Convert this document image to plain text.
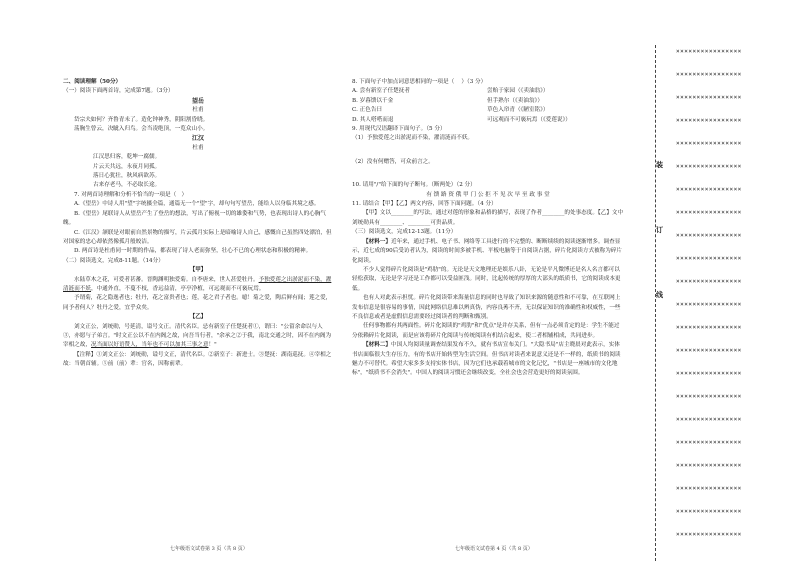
二、阅读理解（50分）

（一）阅读下面两首诗，完成第7题。（3分）

望岳

杜甫

岱宗夫如何？齐鲁青未了。造化钟神秀，阴阳割昏晓。

荡胸生曾云，决眦入归鸟。会当凌绝顶，一览众山小。

江汉

杜甫

江汉思归客，乾坤一腐儒。

片云天共远，永夜月同孤。

落日心犹壮，秋风病欲苏。

古来存老马，不必取长途。

7. 对两首诗理解和分析不恰当的一项是（   ）

A.《望岳》中诗人用"望"字统摄全篇，通篇无一个"望"字，却句句写望岳，能给人以身临其境之感。

B.《望岳》尾联诗人从望岳产生了登岳的想法，写出了俯视一切的雄姿和气势，也表现出诗人的心胸气魄。

C.《江汉》颔联是对眼前自然景物的描写，片云孤月实际上是暗喻诗人自己，感慨自己虽然四处漂泊，但对国家的忠心却依然像孤月般皎洁。

D. 两首诗是杜甫同一时期的作品，都表现了诗人老而弥坚，壮心不已的心理状态和积极的精神。

（二）阅读选文，完成8-11题。（14分）

【甲】

水陆草木之花，可爱者甚蕃。晋陶渊明独爱菊。自李唐来，世人甚爱牡丹。予独爱莲之出淤泥而不染，濯清涟而不妖，中通外直，不蔓不枝，香远益清，亭亭净植，可远观而不可亵玩焉。

予谓菊，花之隐逸者也；牡丹，花之富贵者也；莲，花之君子者也。噫！菊之爱，陶后鲜有闻；莲之爱，同予者何人？牡丹之爱，宜乎众矣。

【乙】

刘文正公，刘统勋，号延清，谥号文正。清代名臣。忌有新室子任楚抚者①，谓曰："公留余命以与人③，亦愿与子弟言。"时文正公以不在内阁之故，向吾当行者，"余承之②于我，南北交通之时，因不在内阁为宰相之故，况当面以好语赞人，当年也不可以加其三事之意！"

【注释】①刘文正公：刘统勋，谥号文正，清代名臣。②新室子：新进士。③楚抚：湖南巡抚。④宰相之故：当朝首辅。⑤前（前）辈：官名，因称前辈。

七年级语文试卷第 3 页（共 8 页）

8. 下面句子中加点词意思相同的一项是（    ）（3 分）

A. 尝有新室子任楚抚者	尝贻于家园（《卖油翁》）

B. 岁暮馈以千金	但手熟尔（《卖油翁》）

C. 正色告曰	草色入帘青（《陋室铭》）

D. 其人嗒嗒而退	可远观而不可亵玩焉（《爱莲说》）

9. 用现代汉语翻译下面句子。（5 分）

（1）予独爱莲之出淤泥而不染，濯清涟而不妖。

（2）没有何赠答，可众前言之。

10. 请用"/"给下面的句子断句。（断两处）（2 分）

有 馈 路 资 俄 甲 门 公 拒 不 见 次 早 至 政 事 堂

11. 请结合【甲】【乙】两文内容，回答下面问题。（4 分）

【甲】文以________的写法，通过对莲的形象和品格的描写，表现了作者________的处事态度。【乙】文中刘统勋具有________、________可贵品质。

（三）阅读选文，完成12-13题。（11分）

【材料一】近年来，通过手机、电子书、网络等工具进行的不完整的、断断续续的阅读逐渐增多。调查显示，近七成的90后受访者认为，阅读的时间多被手机、平板电脑等于自阅读占据，碎片化阅读方式被称为碎片化阅读。

不少人觉得碎片化阅读是"鸡肋"的。无论是天文地理还是娱乐八卦，无论是平凡微博还是名人名言都可以轻松获取，无论是学习还是工作都可以受益匪浅。同时，比起传统的厚厚的大部头的纸质书，它的阅读成本更低。

也有人对此表示担忧。碎片化阅读带来海量信息的同时也导致了知识来源的随意性和不可靠，在互联网上发布信息是很容易的事情，因此网络信息难以辨真伪，内容良莠不齐，无以保证知识的准确性和权威性，一些不良信息或者是虚假信息需要经过阅读者的判断和甄别。

任何事物都有其两面性。碎片化阅读的"鸡肋"和"优点"是并存关系，但有一点必须肯定的是：学生不能过分依赖碎片化阅读，而是应该将碎片化阅读与传统阅读有机结合起来，使二者相辅相成，共同进步。

【材料二】中国人均阅读量调查结果发布不久，就有书店宣布关门。"大隐书局"店主晓晨对此表示，实体书店面临很大生存压力，有的书店开始转型为生活空间。但书店对读者来说意义还是不一样的，纸质书的阅读魅力不可替代。希望大家多多支持实体书店，因为它们也承载着城市的文化记忆，"书店是一座城市的文化地标"，"纸质书不会消失"。中国人的阅读习惯还会继续改变，全社会也会营造更好的阅读氛围。

七年级语文试卷第 4 页（共 8 页）
装
订
线
××××××××××××××××
××××××××××××××××
××××××××××××××××
××××××××××××××××
××××××××××××××××
××××××××××××××××
××××××××××××××××
××××××××××××××××
××××××××××××××××
××××××××××××××××
××××××××××××××××
××××××××××××××××
××××××××××××××××
××××××××××××××××
××××××××××××××××
××××××××××××××××
××××××××××××××××
××××××××××××××××
××××××××××××××××
××××××××××××××××
××××××××××××××××
××××××××××××××××
